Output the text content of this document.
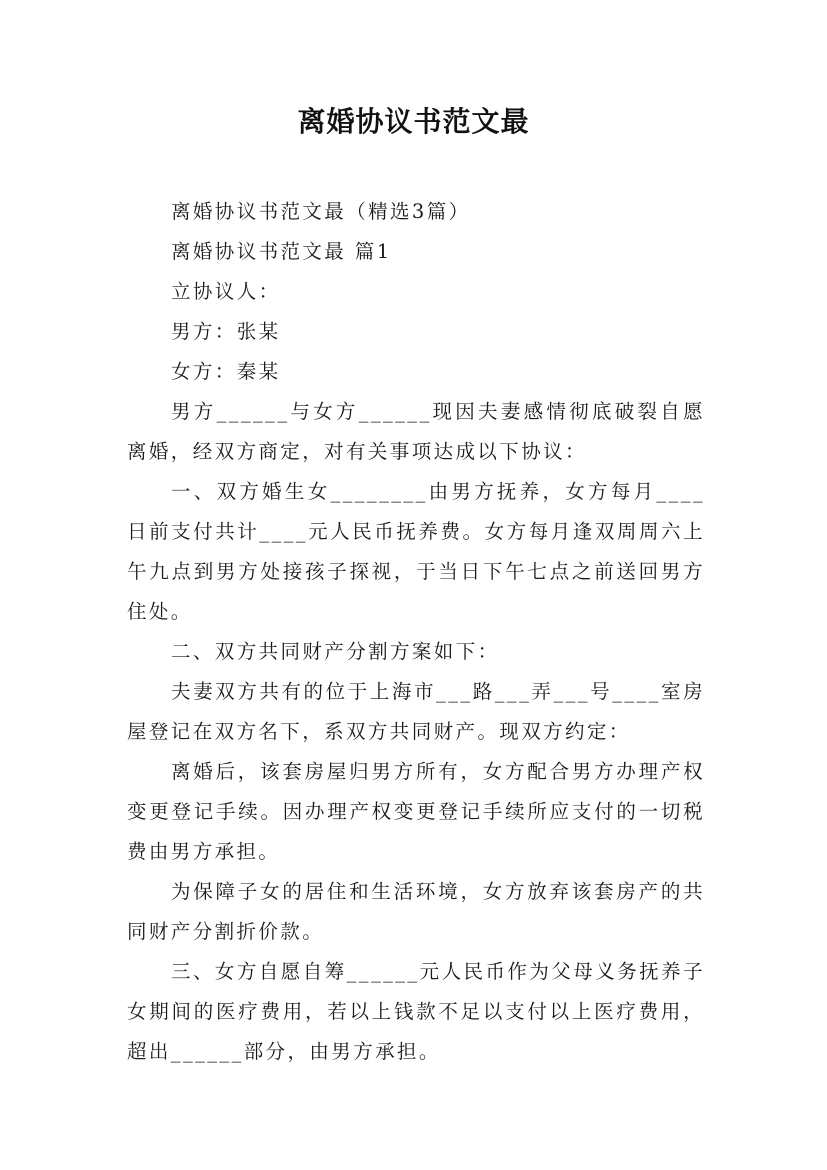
离婚协议书范文最

离婚协议书范文最（精选3篇）

离婚协议书范文最 篇1

立协议人：

男方：张某

女方：秦某

男方______与女方______现因夫妻感情彻底破裂自愿离婚，经双方商定，对有关事项达成以下协议：

一、双方婚生女________由男方抚养，女方每月____日前支付共计____元人民币抚养费。女方每月逢双周周六上午九点到男方处接孩子探视，于当日下午七点之前送回男方住处。

二、双方共同财产分割方案如下：

夫妻双方共有的位于上海市___路___弄___号____室房屋登记在双方名下，系双方共同财产。现双方约定：

离婚后，该套房屋归男方所有，女方配合男方办理产权变更登记手续。因办理产权变更登记手续所应支付的一切税费由男方承担。

为保障子女的居住和生活环境，女方放弃该套房产的共同财产分割折价款。

三、女方自愿自筹______元人民币作为父母义务抚养子女期间的医疗费用，若以上钱款不足以支付以上医疗费用，超出______部分，由男方承担。
